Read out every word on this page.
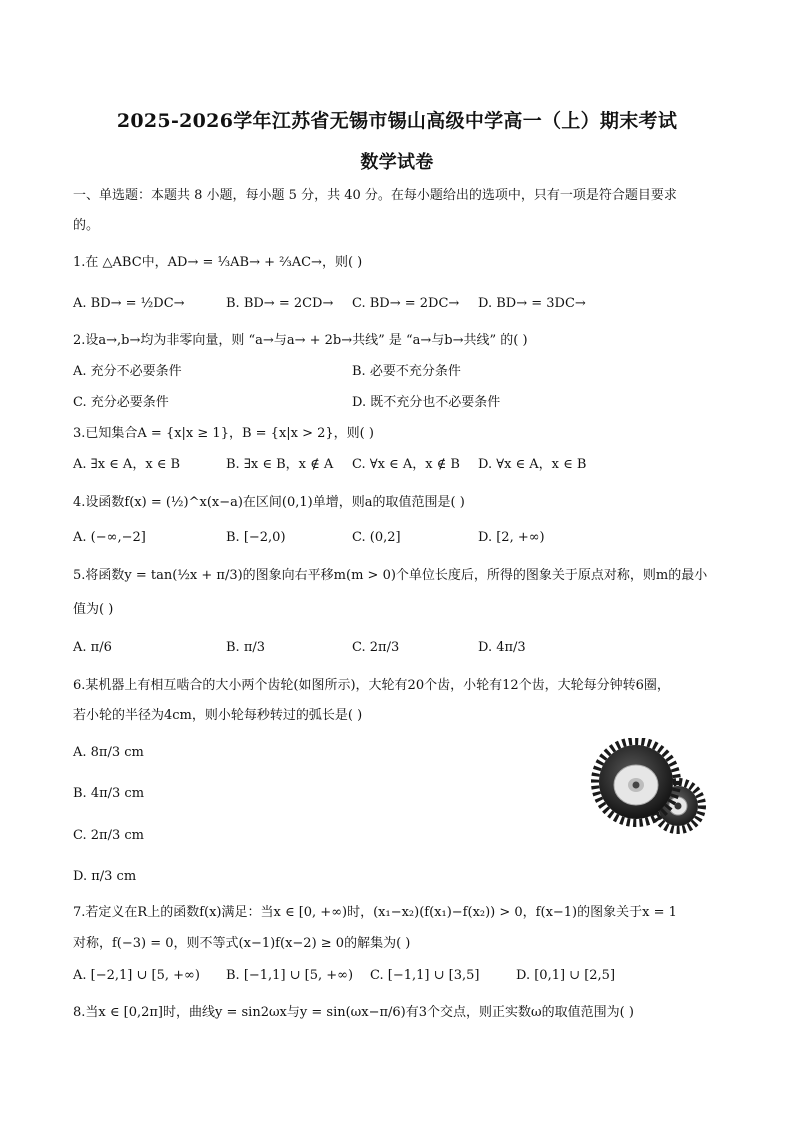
2025-2026学年江苏省无锡市锡山高级中学高一（上）期末考试
数学试卷
一、单选题：本题共 8 小题，每小题 5 分，共 40 分。在每小题给出的选项中，只有一项是符合题目要求
的。
1.在 △ABC中，AD→ = ⅓AB→ + ⅔AC→，则( )
A. BD→ = ½DC→	B. BD→ = 2CD→ C. BD→ = 2DC→ D. BD→ = 3DC→
2.设a→,b→均为非零向量，则 “a→与a→ + 2b→共线” 是 “a→与b→共线” 的( )
A. 充分不必要条件	B. 必要不充分条件
C. 充分必要条件	D. 既不充分也不必要条件
3.已知集合A = {x|x ≥ 1}，B = {x|x > 2}，则( )
A. ∃x ∈ A，x ∈ B	B. ∃x ∈ B，x ∉ A C. ∀x ∈ A，x ∉ B D. ∀x ∈ A，x ∈ B
4.设函数f(x) = (½)^x(x−a)在区间(0,1)单增，则a的取值范围是( )
A. (−∞,−2]	B. [−2,0)	C. (0,2]	D. [2, +∞)
5.将函数y = tan(½x + π/3)的图象向右平移m(m > 0)个单位长度后，所得的图象关于原点对称，则m的最小
值为( )
A. π/6	B. π/3	C. 2π/3	D. 4π/3
6.某机器上有相互啮合的大小两个齿轮(如图所示)，大轮有20个齿，小轮有12个齿，大轮每分钟转6圈，
若小轮的半径为4cm，则小轮每秒转过的弧长是( )
A. 8π/3 cm
B. 4π/3 cm
C. 2π/3 cm
D. π/3 cm
7.若定义在R上的函数f(x)满足：当x ∈ [0, +∞)时，(x₁−x₂)(f(x₁)−f(x₂)) > 0，f(x−1)的图象关于x = 1
对称，f(−3) = 0，则不等式(x−1)f(x−2) ≥ 0的解集为( )
A. [−2,1] ∪ [5, +∞) B. [−1,1] ∪ [5, +∞) C. [−1,1] ∪ [3,5]	D. [0,1] ∪ [2,5]
8.当x ∈ [0,2π]时，曲线y = sin2ωx与y = sin(ωx−π/6)有3个交点，则正实数ω的取值范围为( )
